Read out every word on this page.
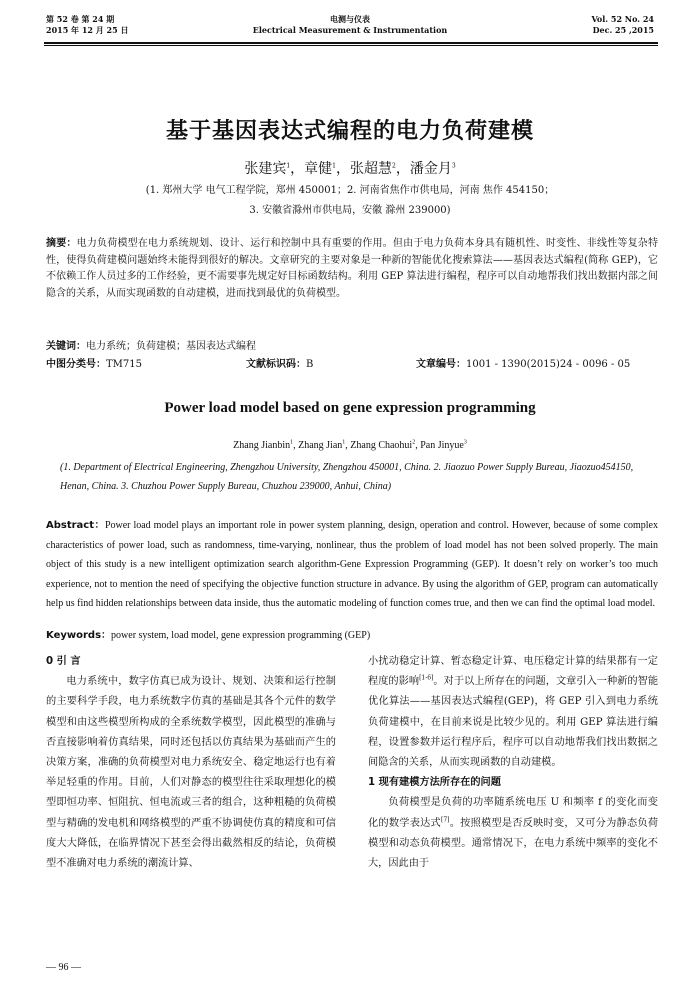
第 52 卷 第 24 期
2015 年 12 月 25 日
电测与仪表
Electrical Measurement & Instrumentation
Vol. 52 No. 24
Dec. 25 ,2015
基于基因表达式编程的电力负荷建模
张建宾$^1$，章健$^1$，张超慧$^2$，潘金月$^3$
(1. 郑州大学 电气工程学院，郑州 450001；2. 河南省焦作市供电局，河南 焦作 454150；
3. 安徽省滁州市供电局，安徽 滁州 239000)
摘要：电力负荷模型在电力系统规划、设计、运行和控制中具有重要的作用。但由于电力负荷本身具有随机性、时变性、非线性等复杂特性，使得负荷建模问题始终未能得到很好的解决。文章研究的主要对象是一种新的智能优化搜索算法——基因表达式编程(简称 GEP)，它不依赖工作人员过多的工作经验，更不需要事先规定好目标函数结构。利用 GEP 算法进行编程，程序可以自动地帮我们找出数据内部之间隐含的关系，从而实现函数的自动建模，进而找到最优的负荷模型。
关键词：电力系统；负荷建模；基因表达式编程
中图分类号：TM715	文献标识码：B	文章编号：1001 - 1390(2015)24 - 0096 - 05
Power load model based on gene expression programming
Zhang Jianbin$^1$, Zhang Jian$^1$, Zhang Chaohui$^2$, Pan Jinyue$^3$
(1. Department of Electrical Engineering, Zhengzhou University, Zhengzhou 450001, China. 2. Jiaozuo Power Supply Bureau, Jiaozuo454150, Henan, China. 3. Chuzhou Power Supply Bureau, Chuzhou 239000, Anhui, China)
Abstract：Power load model plays an important role in power system planning, design, operation and control. However, because of some complex characteristics of power load, such as randomness, time-varying, nonlinear, thus the problem of load model has not been solved properly. The main object of this study is a new intelligent optimization search algorithm-Gene Expression Programming (GEP). It doesn’t rely on worker’s too much experience, not to mention the need of specifying the objective function structure in advance. By using the algorithm of GEP, program can automatically help us find hidden relationships between data inside, thus the automatic modeling of function comes true, and then we can find the optimal load model.
Keywords：power system, load model, gene expression programming (GEP)
0 引 言

电力系统中，数字仿真已成为设计、规划、决策和运行控制的主要科学手段，电力系统数字仿真的基础是其各个元件的数学模型和由这些模型所构成的全系统数学模型，因此模型的准确与否直接影响着仿真结果，同时还包括以仿真结果为基础而产生的决策方案，准确的负荷模型对电力系统安全、稳定地运行也有着举足轻重的作用。目前，人们对静态的模型往往采取理想化的模型即恒功率、恒阻抗、恒电流或三者的组合，这种粗糙的负荷模型与精确的发电机和网络模型的严重不协调使仿真的精度和可信度大大降低，在临界情况下甚至会得出截然相反的结论，负荷模型不准确对电力系统的潮流计算、

小扰动稳定计算、暂态稳定计算、电压稳定计算的结果都有一定程度的影响[1-6]。对于以上所存在的问题，文章引入一种新的智能优化算法——基因表达式编程(GEP)，将 GEP 引入到电力系统负荷建模中，在目前来说是比较少见的。利用 GEP 算法进行编程，设置参数并运行程序后，程序可以自动地帮我们找出数据之间隐含的关系，从而实现函数的自动建模。

1 现有建模方法所存在的问题

负荷模型是负荷的功率随系统电压 U 和频率 f 的变化而变化的数学表达式[7]。按照模型是否反映时变，又可分为静态负荷模型和动态负荷模型。通常情况下，在电力系统中频率的变化不大，因此由于

— 96 —
